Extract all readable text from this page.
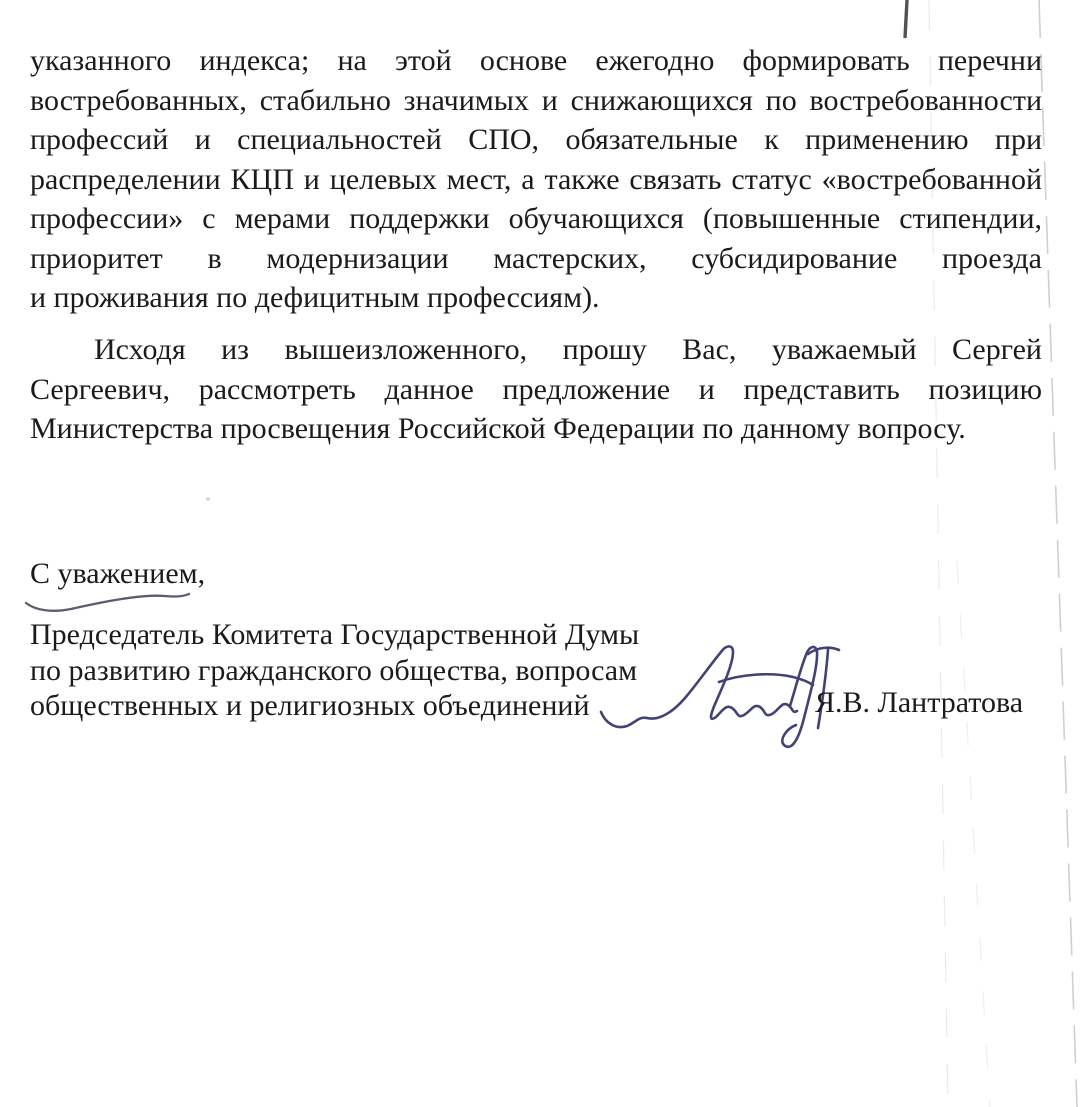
указанного индекса; на этой основе ежегодно формировать перечни
востребованных, стабильно значимых и снижающихся по востребованности
профессий и специальностей СПО, обязательные к применению при
распределении КЦП и целевых мест, а также связать статус «востребованной
профессии» с мерами поддержки обучающихся (повышенные стипендии,
приоритет в модернизации мастерских, субсидирование проезда
и проживания по дефицитным профессиям).
Исходя из вышеизложенного, прошу Вас, уважаемый Сергей
Сергеевич, рассмотреть данное предложение и представить позицию
Министерства просвещения Российской Федерации по данному вопросу.
С уважением,
Председатель Комитета Государственной Думы
по развитию гражданского общества, вопросам
общественных и религиозных объединений	Я.В. Лантратова
